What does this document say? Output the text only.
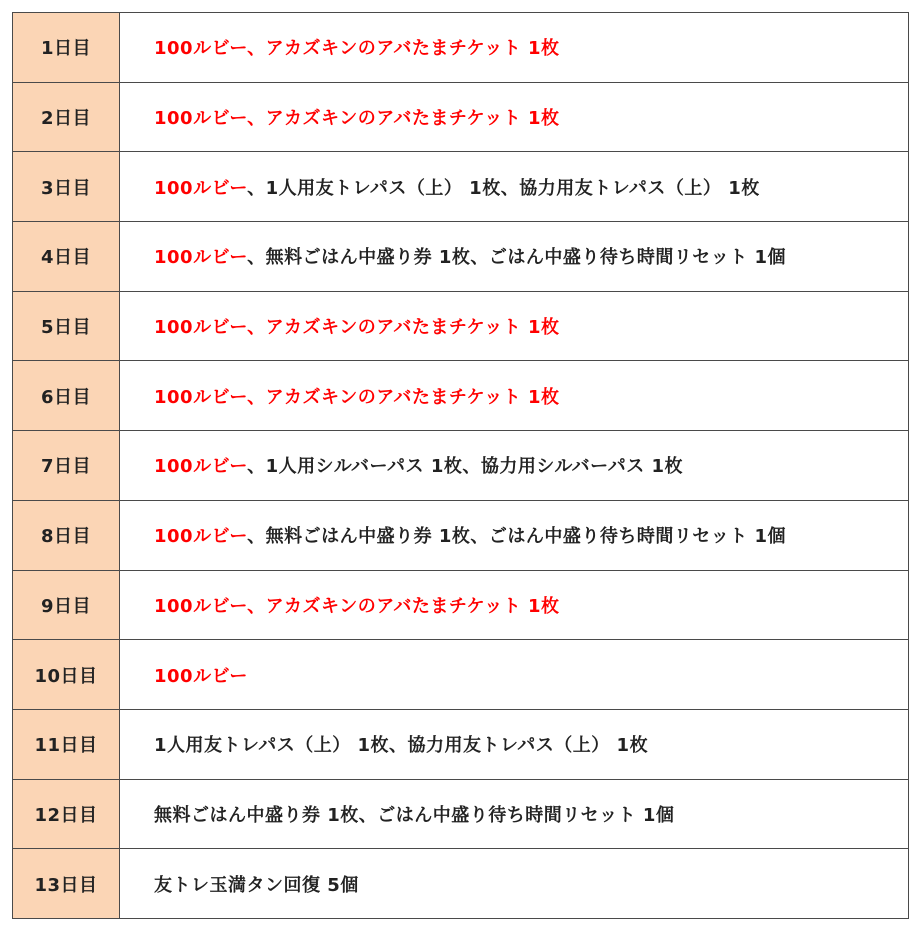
1日目	100ルビー、アカズキンのアバたまチケット 1枚
2日目	100ルビー、アカズキンのアバたまチケット 1枚
3日目	100ルビー、1人用友トレパス（上） 1枚、協力用友トレパス（上） 1枚
4日目	100ルビー、無料ごはん中盛り券 1枚、ごはん中盛り待ち時間リセット 1個
5日目	100ルビー、アカズキンのアバたまチケット 1枚
6日目	100ルビー、アカズキンのアバたまチケット 1枚
7日目	100ルビー、1人用シルバーパス 1枚、協力用シルバーパス 1枚
8日目	100ルビー、無料ごはん中盛り券 1枚、ごはん中盛り待ち時間リセット 1個
9日目	100ルビー、アカズキンのアバたまチケット 1枚
10日目	100ルビー
11日目	1人用友トレパス（上） 1枚、協力用友トレパス（上） 1枚
12日目	無料ごはん中盛り券 1枚、ごはん中盛り待ち時間リセット 1個
13日目	友トレ玉満タン回復 5個
